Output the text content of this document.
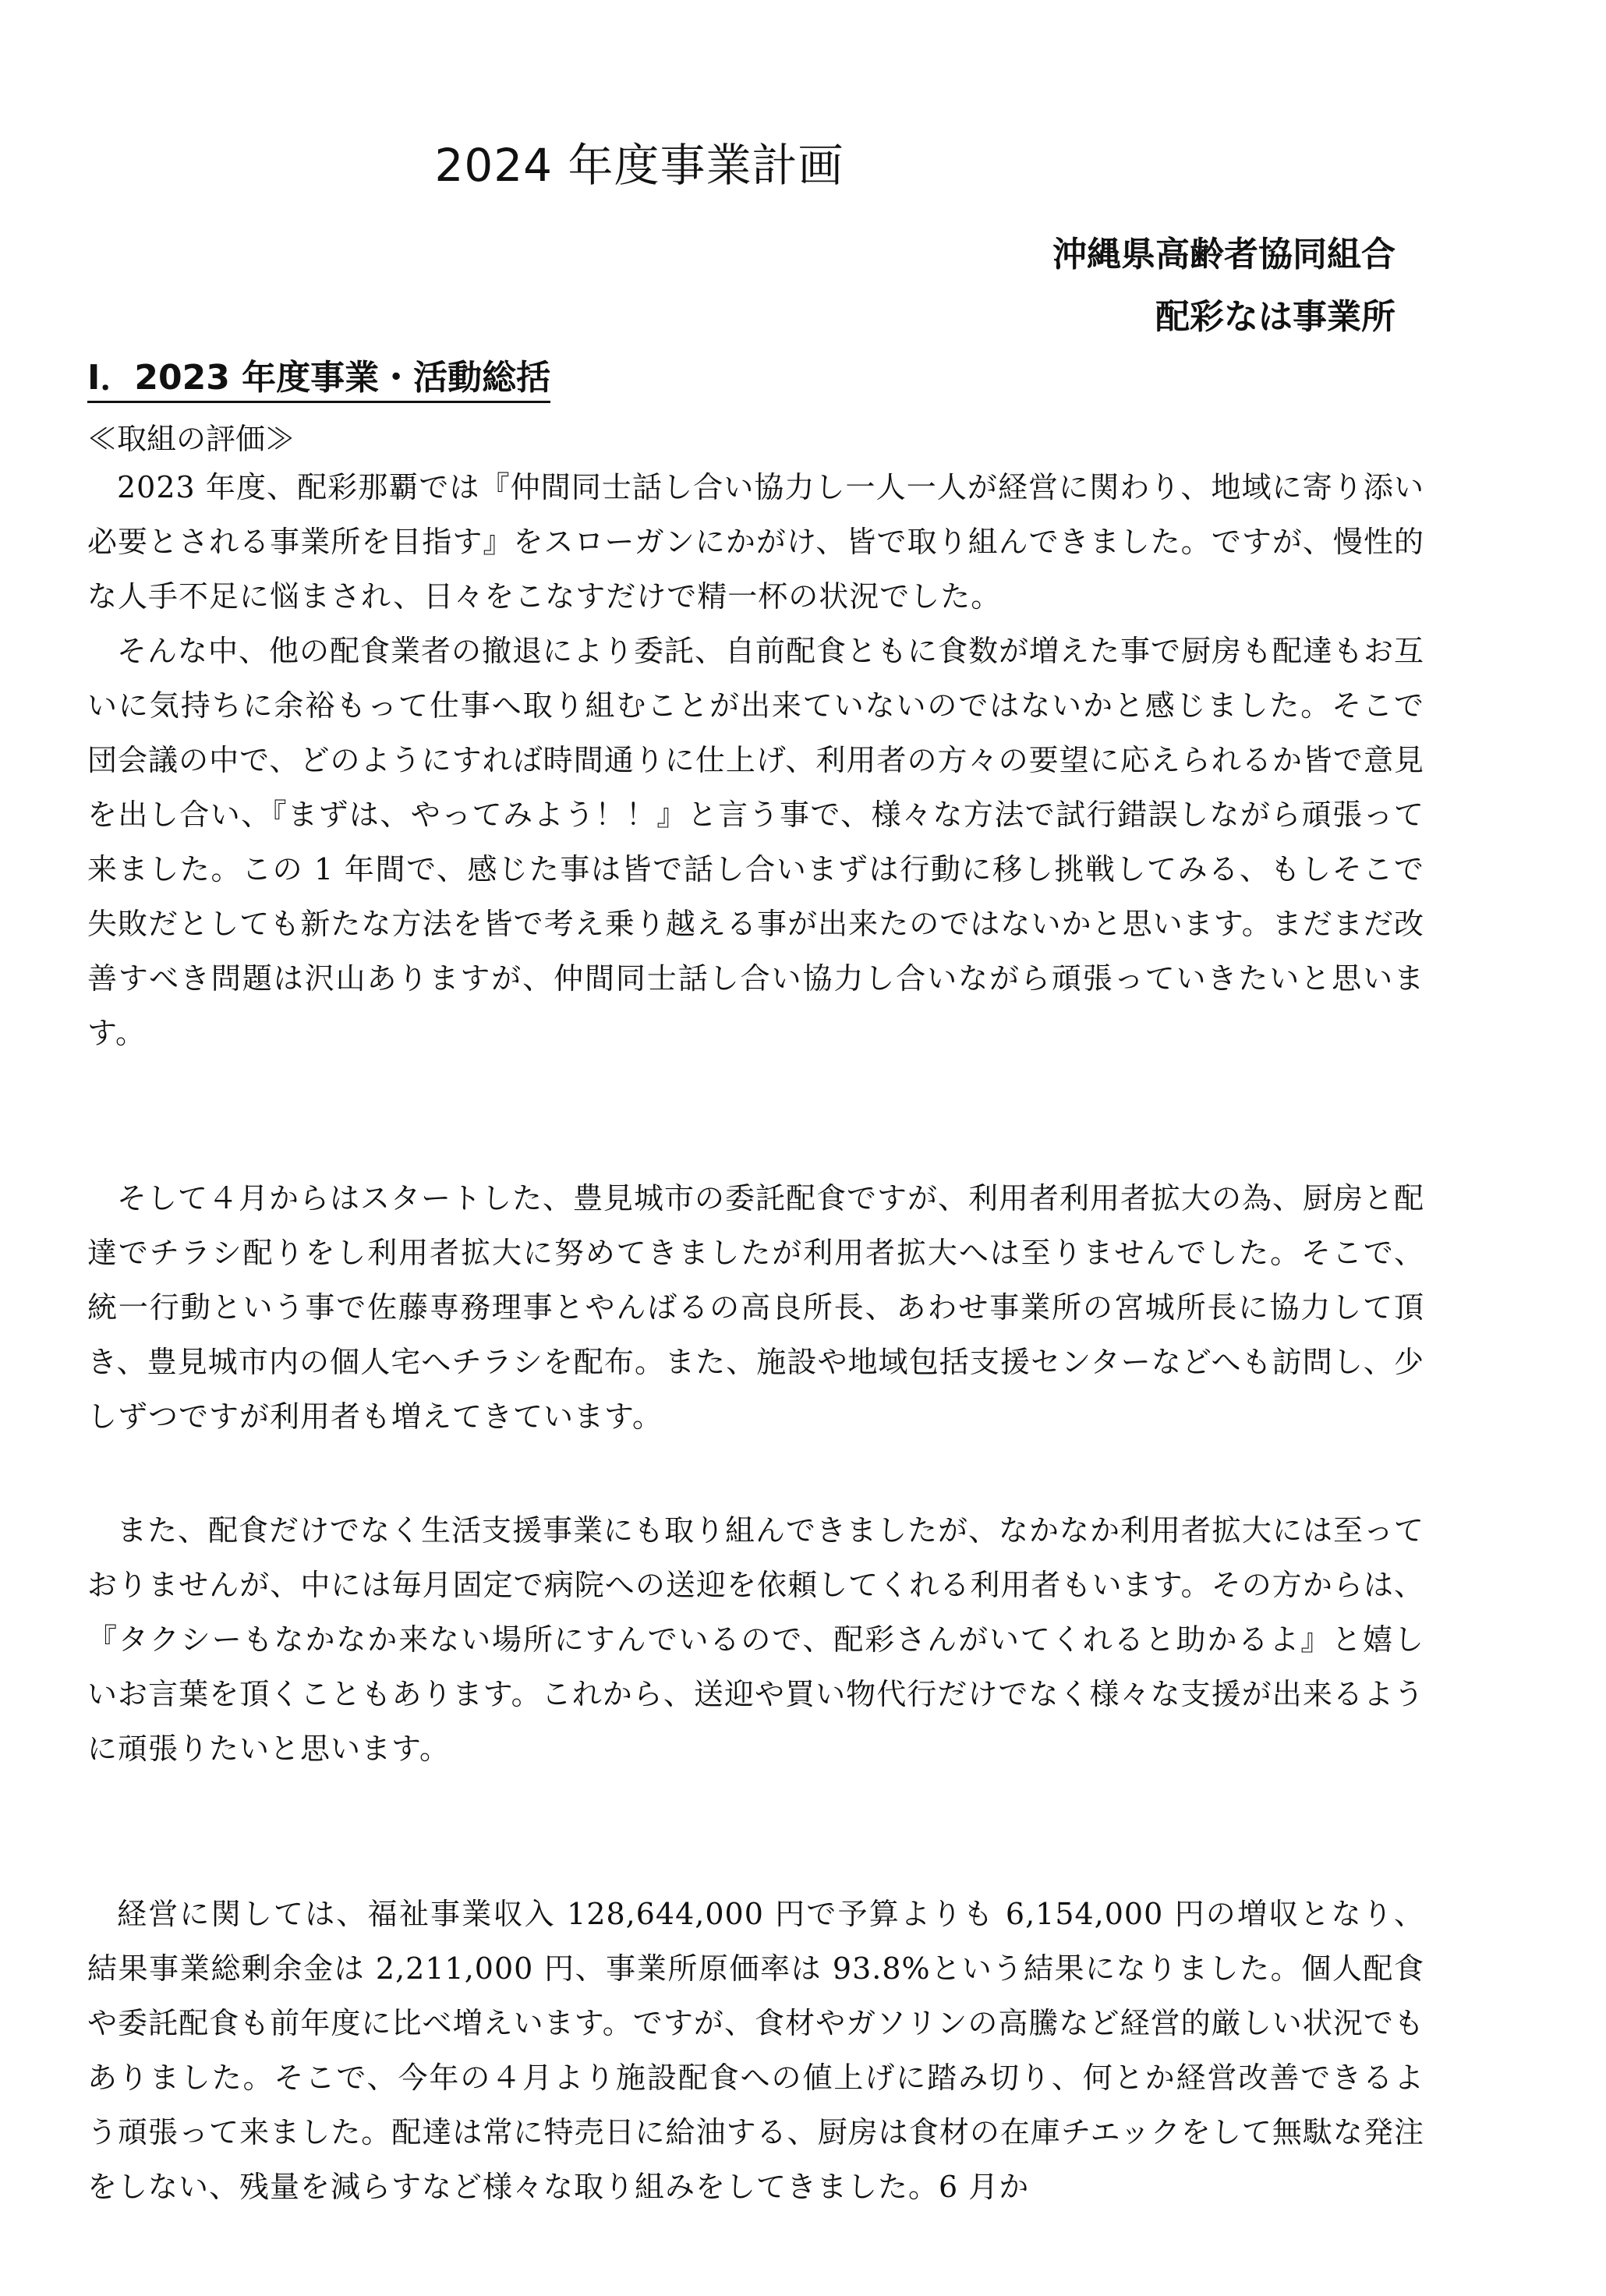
2024 年度事業計画

沖縄県高齢者協同組合

配彩なは事業所

Ⅰ．2023 年度事業・活動総括

≪取組の評価≫

2023 年度、配彩那覇では『仲間同士話し合い協力し一人一人が経営に関わり、地域に寄り添い必要とされる事業所を目指す』をスローガンにかがけ、皆で取り組んできました。ですが、慢性的な人手不足に悩まされ、日々をこなすだけで精一杯の状況でした。

そんな中、他の配食業者の撤退により委託、自前配食ともに食数が増えた事で厨房も配達もお互いに気持ちに余裕もって仕事へ取り組むことが出来ていないのではないかと感じました。そこで団会議の中で、どのようにすれば時間通りに仕上げ、利用者の方々の要望に応えられるか皆で意見を出し合い、『まずは、やってみよう！！』と言う事で、様々な方法で試行錯誤しながら頑張って来ました。この 1 年間で、感じた事は皆で話し合いまずは行動に移し挑戦してみる、もしそこで失敗だとしても新たな方法を皆で考え乗り越える事が出来たのではないかと思います。まだまだ改善すべき問題は沢山ありますが、仲間同士話し合い協力し合いながら頑張っていきたいと思います。

そして４月からはスタートした、豊見城市の委託配食ですが、利用者利用者拡大の為、厨房と配達でチラシ配りをし利用者拡大に努めてきましたが利用者拡大へは至りませんでした。そこで、統一行動という事で佐藤専務理事とやんばるの高良所長、あわせ事業所の宮城所長に協力して頂き、豊見城市内の個人宅へチラシを配布。また、施設や地域包括支援センターなどへも訪問し、少しずつですが利用者も増えてきています。

また、配食だけでなく生活支援事業にも取り組んできましたが、なかなか利用者拡大には至っておりませんが、中には毎月固定で病院への送迎を依頼してくれる利用者もいます。その方からは、『タクシーもなかなか来ない場所にすんでいるので、配彩さんがいてくれると助かるよ』と嬉しいお言葉を頂くこともあります。これから、送迎や買い物代行だけでなく様々な支援が出来るように頑張りたいと思います。

経営に関しては、福祉事業収入 128,644,000 円で予算よりも 6,154,000 円の増収となり、結果事業総剰余金は 2,211,000 円、事業所原価率は 93.8%という結果になりました。個人配食や委託配食も前年度に比べ増えいます。ですが、食材やガソリンの高騰など経営的厳しい状況でもありました。そこで、今年の４月より施設配食への値上げに踏み切り、何とか経営改善できるよう頑張って来ました。配達は常に特売日に給油する、厨房は食材の在庫チエックをして無駄な発注をしない、残量を減らすなど様々な取り組みをしてきました。6 月か
